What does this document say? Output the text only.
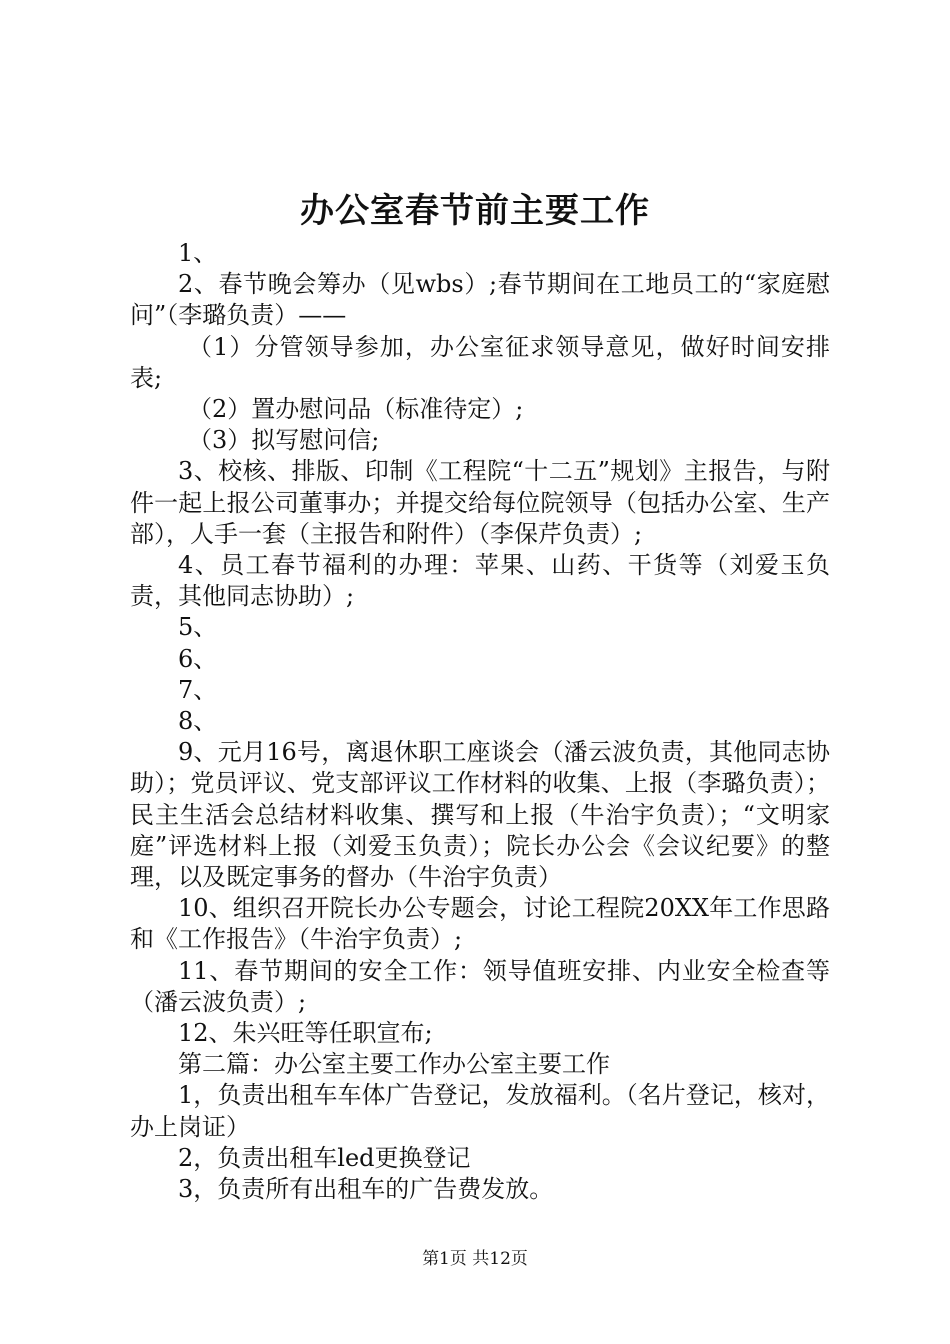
办公室春节前主要工作

1、

2、春节晚会筹办（见wbs）;春节期间在工地员工的“家庭慰问”（李璐负责）——

（1）分管领导参加，办公室征求领导意见，做好时间安排表;

（2）置办慰问品（标准待定）;

（3）拟写慰问信;

3、校核、排版、印制《工程院“十二五”规划》主报告，与附件一起上报公司董事办；并提交给每位院领导（包括办公室、生产部），人手一套（主报告和附件）（李保芹负责）;

4、员工春节福利的办理：苹果、山药、干货等（刘爱玉负责，其他同志协助）;

5、

6、

7、

8、

9、元月16号，离退休职工座谈会（潘云波负责，其他同志协助）；党员评议、党支部评议工作材料的收集、上报（李璐负责）；民主生活会总结材料收集、撰写和上报（牛治宇负责）；“文明家庭”评选材料上报（刘爱玉负责）；院长办公会《会议纪要》的整理，以及既定事务的督办（牛治宇负责）

10、组织召开院长办公专题会，讨论工程院20XX年工作思路和《工作报告》（牛治宇负责）;

11、春节期间的安全工作：领导值班安排、内业安全检查等（潘云波负责）;

12、朱兴旺等任职宣布;

第二篇：办公室主要工作办公室主要工作

1，负责出租车车体广告登记，发放福利。（名片登记，核对，办上岗证）

2，负责出租车led更换登记

3，负责所有出租车的广告费发放。

第1页 共12页
